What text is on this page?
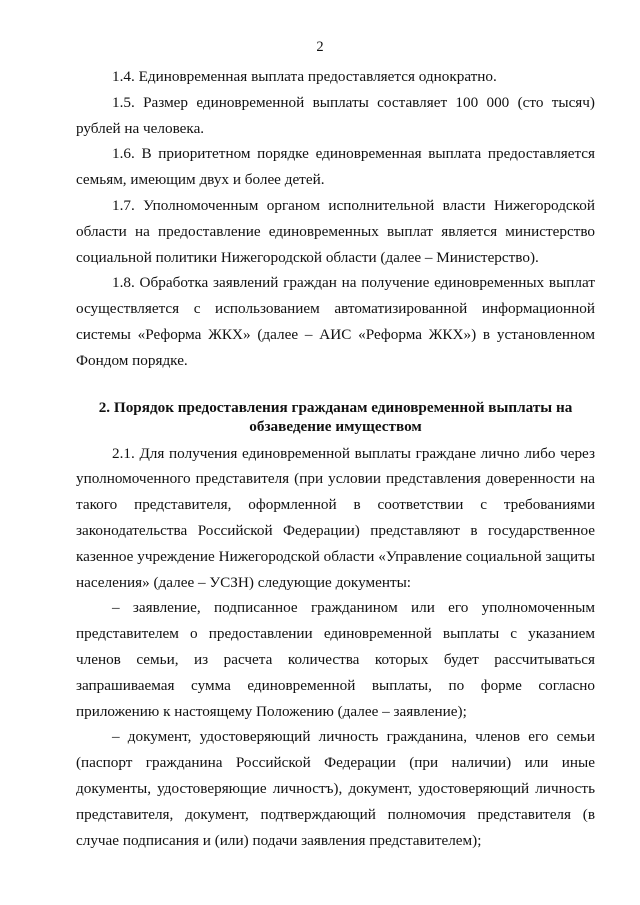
2

1.4. Единовременная выплата предоставляется однократно.

1.5. Размер единовременной выплаты составляет 100 000 (сто тысяч) рублей на человека.

1.6. В приоритетном порядке единовременная выплата предоставляется семьям, имеющим двух и более детей.

1.7. Уполномоченным органом исполнительной власти Нижегородской области на предоставление единовременных выплат является министерство социальной политики Нижегородской области (далее – Министерство).

1.8. Обработка заявлений граждан на получение единовременных выплат осуществляется с использованием автоматизированной информационной системы «Реформа ЖКХ» (далее – АИС «Реформа ЖКХ») в установленном Фондом порядке.

2. Порядок предоставления гражданам единовременной выплаты на обзаведение имуществом

2.1. Для получения единовременной выплаты граждане лично либо через уполномоченного представителя (при условии представления доверенности на такого представителя, оформленной в соответствии с требованиями законодательства Российской Федерации) представляют в государственное казенное учреждение Нижегородской области «Управление социальной защиты населения» (далее – УСЗН) следующие документы:

– заявление, подписанное гражданином или его уполномоченным представителем о предоставлении единовременной выплаты с указанием членов семьи, из расчета количества которых будет рассчитываться запрашиваемая сумма единовременной выплаты, по форме согласно приложению к настоящему Положению (далее – заявление);

– документ, удостоверяющий личность гражданина, членов его семьи (паспорт гражданина Российской Федерации (при наличии) или иные документы, удостоверяющие личностъ), документ, удостоверяющий личность представителя, документ, подтверждающий полномочия представителя (в случае подписания и (или) подачи заявления представителем);
